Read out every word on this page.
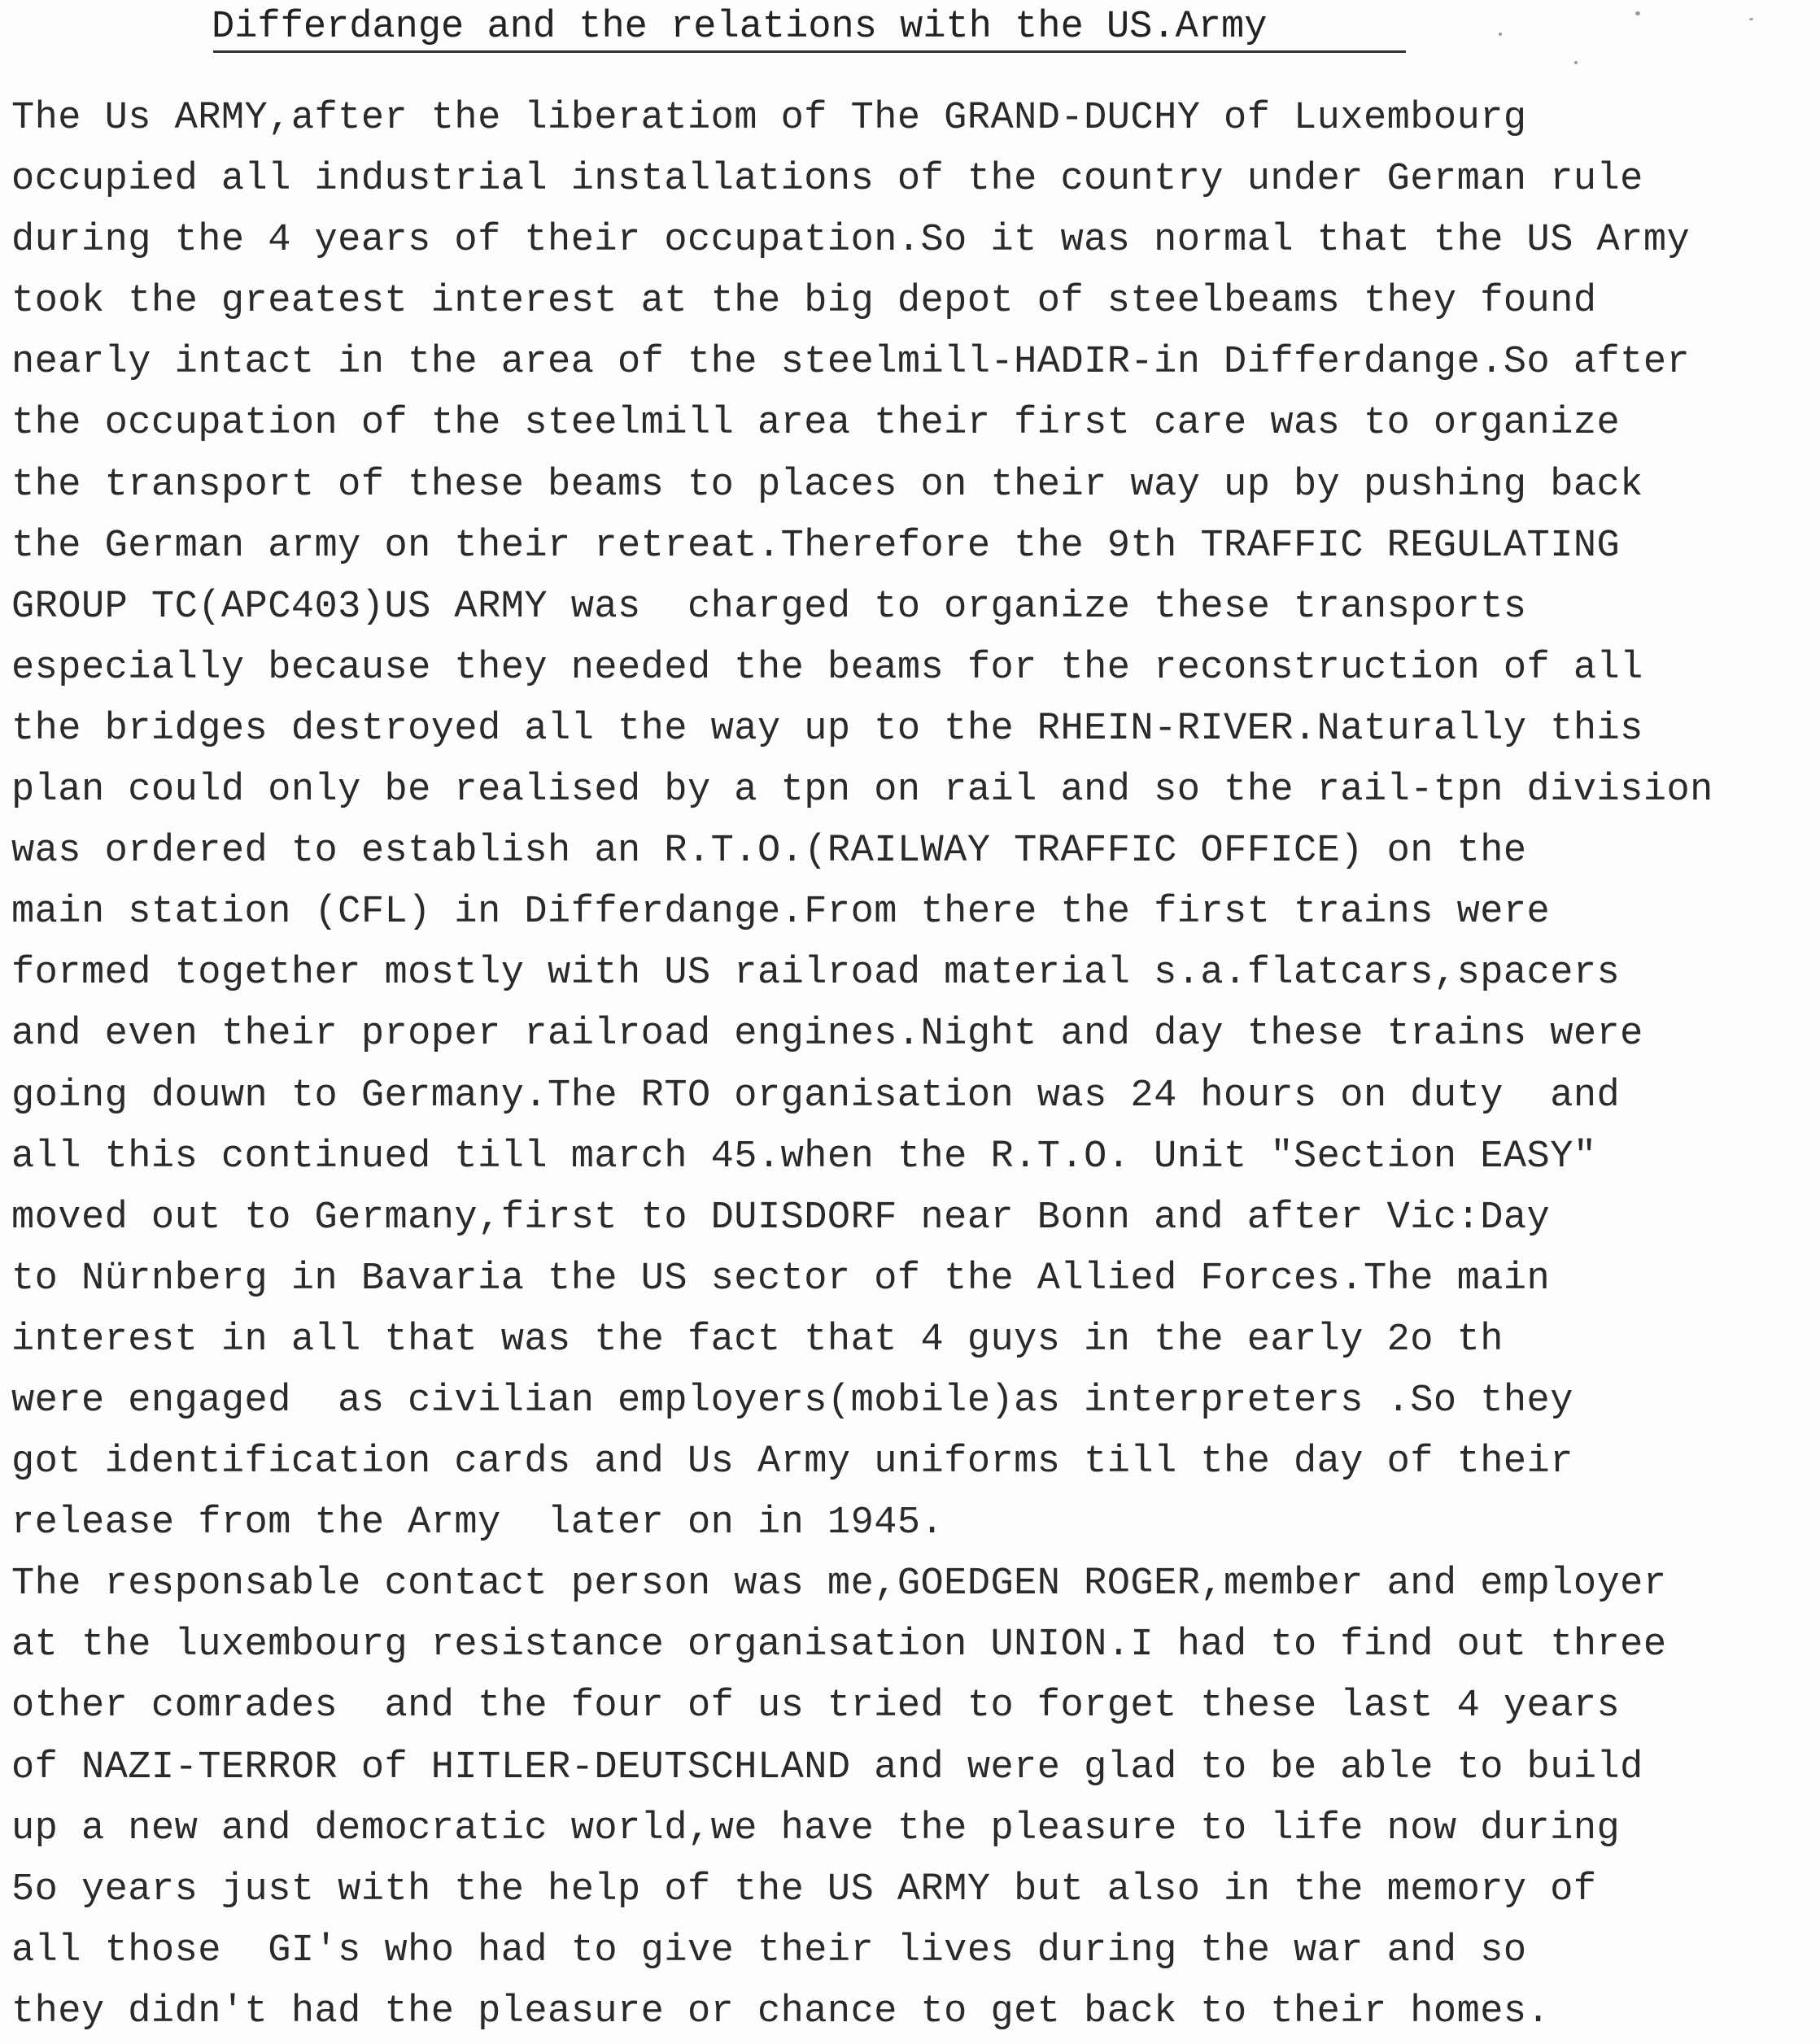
Differdange and the relations with the US.Army
The Us ARMY,after the liberatiom of The GRAND-DUCHY of Luxembourg
occupied all industrial installations of the country under German rule
during the 4 years of their occupation.So it was normal that the US Army
took the greatest interest at the big depot of steelbeams they found
nearly intact in the area of the steelmill-HADIR-in Differdange.So after
the occupation of the steelmill area their first care was to organize
the transport of these beams to places on their way up by pushing back
the German army on their retreat.Therefore the 9th TRAFFIC REGULATING
GROUP TC(APC403)US ARMY was  charged to organize these transports
especially because they needed the beams for the reconstruction of all
the bridges destroyed all the way up to the RHEIN-RIVER.Naturally this
plan could only be realised by a tpn on rail and so the rail-tpn division
was ordered to establish an R.T.O.(RAILWAY TRAFFIC OFFICE) on the
main station (CFL) in Differdange.From there the first trains were
formed together mostly with US railroad material s.a.flatcars,spacers
and even their proper railroad engines.Night and day these trains were
going douwn to Germany.The RTO organisation was 24 hours on duty  and
all this continued till march 45.when the R.T.O. Unit "Section EASY"
moved out to Germany,first to DUISDORF near Bonn and after Vic:Day
to Nürnberg in Bavaria the US sector of the Allied Forces.The main
interest in all that was the fact that 4 guys in the early 2o th
were engaged  as civilian employers(mobile)as interpreters .So they
got identification cards and Us Army uniforms till the day of their
release from the Army  later on in 1945.
The responsable contact person was me,GOEDGEN ROGER,member and employer
at the luxembourg resistance organisation UNION.I had to find out three
other comrades  and the four of us tried to forget these last 4 years
of NAZI-TERROR of HITLER-DEUTSCHLAND and were glad to be able to build
up a new and democratic world,we have the pleasure to life now during
5o years just with the help of the US ARMY but also in the memory of
all those  GI's who had to give their lives during the war and so
they didn't had the pleasure or chance to get back to their homes.
